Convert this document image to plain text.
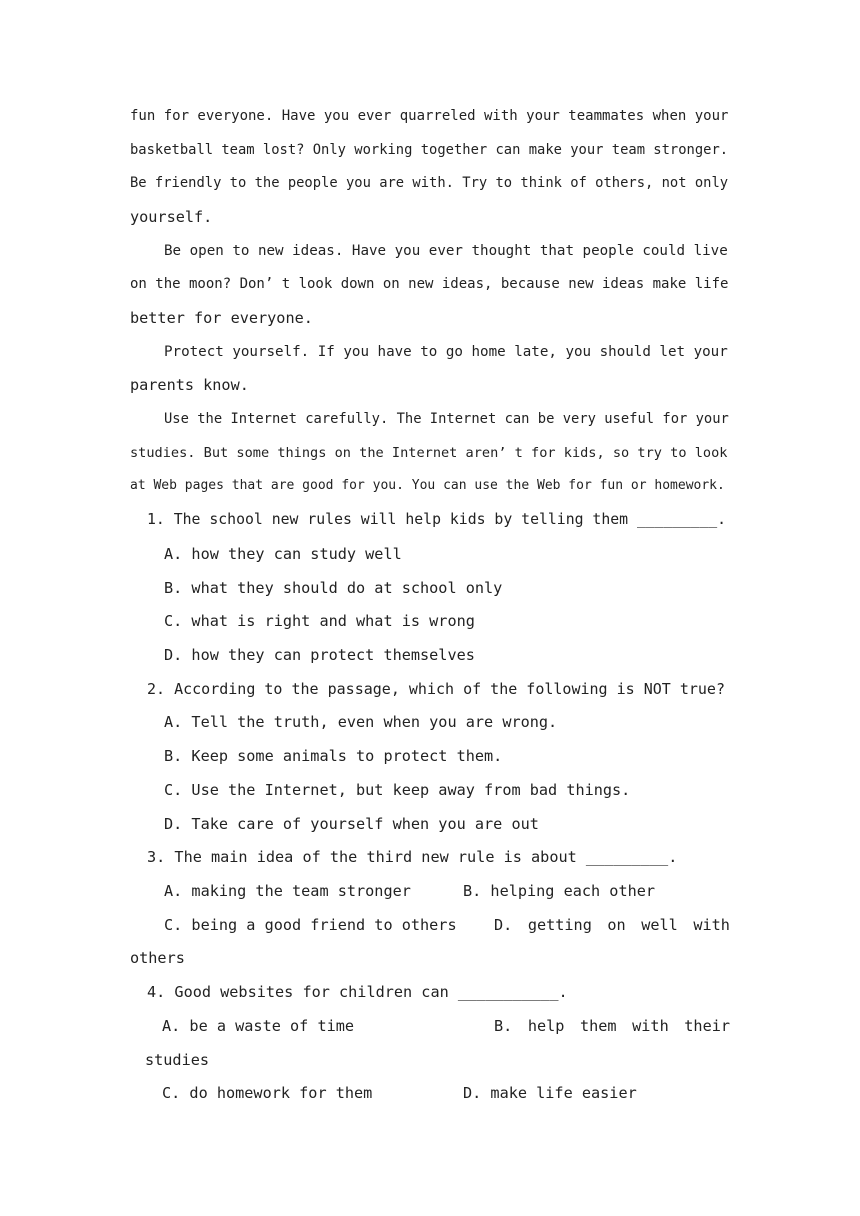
fun for everyone. Have you ever quarreled with your teammates when your
basketball team lost? Only working together can make your team stronger.
Be friendly to the people you are with. Try to think of others, not only
yourself.
Be open to new ideas. Have you ever thought that people could live
on the moon? Don’ t look down on new ideas, because new ideas make life
better for everyone.
Protect yourself. If you have to go home late, you should let your
parents know.
Use the Internet carefully. The Internet can be very useful for your
studies. But some things on the Internet aren’ t for kids, so try to look
at Web pages that are good for you. You can use the Web for fun or homework.
1. The school new rules will help kids by telling them _________.
A. how they can study well
B. what they should do at school only
C. what is right and what is wrong
D. how they can protect themselves
2. According to the passage, which of the following is NOT true?
A. Tell the truth, even when you are wrong.
B. Keep some animals to protect them.
C. Use the Internet, but keep away from bad things.
D. Take care of yourself when you are out
3. The main idea of the third new rule is about _________.
A. making the team stronger	B. helping each other
C. being a good friend to others D. getting on well with
others
4. Good websites for children can ___________.
A. be a waste of time	B. help them with their
studies
C. do homework for them	D. make life easier
